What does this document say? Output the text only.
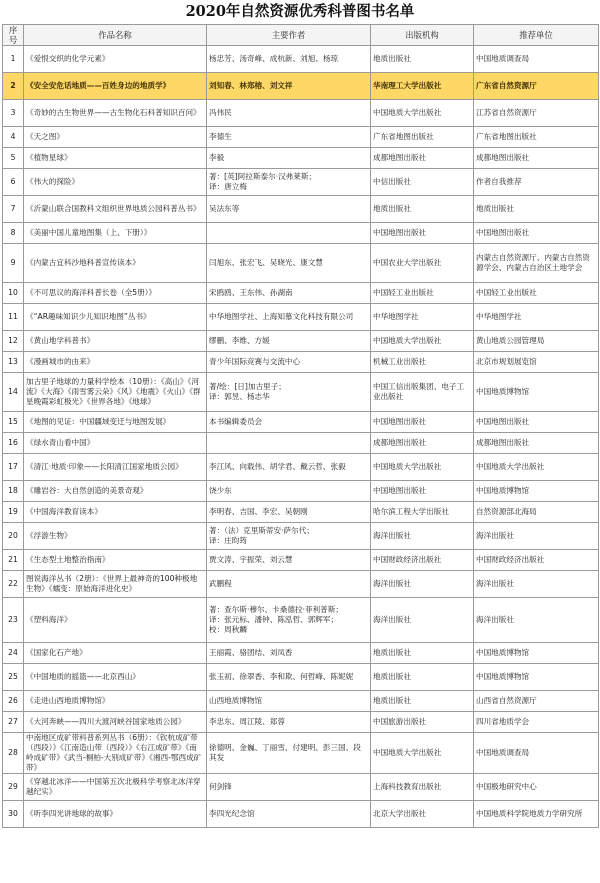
2020年自然资源优秀科普图书名单
序号	作品名称	主要作者	出版机构	推荐单位
1	《爱恨交织的化学元素》	杨忠芳、汤奇峰、成杭新、刘旭、杨琼	地质出版社	中国地质调查局
2	《安全安危话地质——百姓身边的地质学》	刘知春、林郑榕、刘文祥	华南理工大学出版社	广东省自然资源厅
3	《奇妙的古生物世界——古生物化石科普知识百问》	冯伟民	中国地质大学出版社	江苏省自然资源厅
4	《天之图》	李德生	广东省地图出版社	广东省地图出版社
5	《植物星球》	李毅	成都地图出版社	成都地图出版社
6	《伟大的探险》	著：[英]阿拉斯泰尔·汉弗莱斯；
译：唐立梅	中信出版社	作者自我推荐
7	《沂蒙山联合国教科文组织世界地质公园科普丛书》	吴法东等	地质出版社	地质出版社
8	《美丽中国儿童地图集（上、下册）》		中国地图出版社	中国地图出版社
9	《内蒙古宜科沙地科普宣传读本》	闫旭东、张宏飞、吴晓光、康文慧	中国农业大学出版社	内蒙古自然资源厅、内蒙古自然资源学会、内蒙古自治区土地学会
10	《不可思议的海洋科普长卷（全5册）》	宋鸥鸥、王东伟、孙湖南	中国轻工业出版社	中国轻工业出版社
11	《“AR趣味知识少儿知识地图”丛书》	中华地图学社、上海知慕文化科技有限公司	中华地图学社	中华地图学社
12	《黄山地学科普书》	缪鹏、李维、方媛	中国地质大学出版社	黄山地质公园管理局
13	《漫画城市的由来》	青少年国际竞赛与交流中心	机械工业出版社	北京市规划展览馆
14	加古里子地球的力量科学绘本（10册）：《高山》《河流》《大海》《雨雪雾云朵》《风》《地震》《火山》《群星晚霞彩虹极光》《世界各地》《地球》	著/绘：[日]加古里子；
译：郭昱、杨志华	中国工信出版集团、电子工业出版社	中国地质博物馆
15	《地图的见证：中国疆域变迁与地图发展》	本书编辑委员会	中国地图出版社	中国地图出版社
16	《绿水青山看中国》		成都地图出版社	成都地图出版社
17	《清江·地质·印象——长阳清江国家地质公园》	李江风、向载伟、胡学君、戴云哲、张毅	中国地质大学出版社	中国地质大学出版社
18	《雕岩谷：大自然创造的美景奇观》	饶少东	中国地图出版社	中国地质博物馆
19	《中国海洋教育读本》	李明春、吉国、李宏、吴朝刚	哈尔滨工程大学出版社	自然资源部北海局
20	《浮游生物》	著：（法）克里斯蒂安·萨尔代；
译：庄昀筠	海洋出版社	海洋出版社
21	《生态型土地整治指南》	贾文涛、宇振荣、刘云慧	中国财政经济出版社	中国财政经济出版社
22	图说海洋丛书（2册）：《世界上最神奇的100种极地生物》《蠕变：原始海洋进化史》	武鹏程	海洋出版社	海洋出版社
23	《塑料海洋》	著：查尔斯·穆尔、卡桑德拉·菲利普斯；
译：张元标、潘钟、陈泓哲、郭辉军；
校：周秋麟	海洋出版社	海洋出版社
24	《国家化石产地》	王丽霞、骆团结、刘凤香	地质出版社	中国地质博物馆
25	《中国地质的摇篮——北京西山》	张玉初、徐翠香、李和欺、何哲峰、陈妮妮	地质出版社	中国地质博物馆
26	《走进山西地质博物馆》	山西地质博物馆	地质出版社	山西省自然资源厅
27	《大河奔峡——四川大渡河峡谷国家地质公园》	李忠东、周江陵、郑蓉	中国旅游出版社	四川省地质学会
28	中南地区成矿带科普系列丛书（6册）：《钦杭成矿带（西段）》《江南造山带（西段）》《右江成矿带》《南岭成矿带》《武当-桐柏-大别成矿带》《湘西-鄂西成矿带》	徐德明、金巍、丁丽雪、付建明、彭三国、段其发	中国地质大学出版社	中国地质调查局
29	《穿越北冰洋——中国第五次北极科学考察北冰洋穿越纪实》	何剑锋	上海科技教育出版社	中国极地研究中心
30	《听李四光讲地球的故事》	李四光纪念馆	北京大学出版社	中国地质科学院地质力学研究所
